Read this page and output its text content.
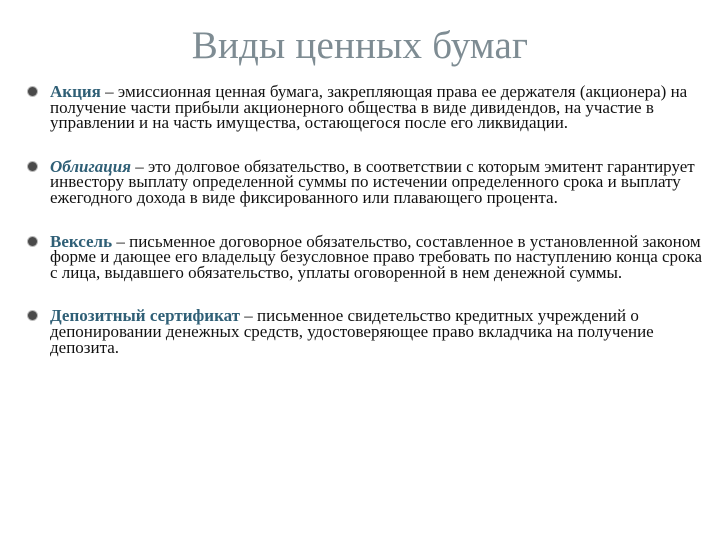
Виды ценных бумаг
Акция – эмиссионная ценная бумага, закрепляющая права ее держателя (акционера) на получение части прибыли акционерного общества в виде дивидендов, на участие в управлении и на часть имущества, остающегося после его ликвидации.
Облигация – это долговое обязательство, в соответствии с которым эмитент гарантирует инвестору выплату определенной суммы по истечении определенного срока и выплату ежегодного дохода в виде фиксированного или плавающего процента.
Вексель – письменное договорное обязательство, составленное в установленной законом форме и дающее его владельцу безусловное право требовать по наступлению конца срока с лица, выдавшего обязательство, уплаты оговоренной в нем денежной суммы.
Депозитный сертификат – письменное свидетельство кредитных учреждений о депонировании денежных средств, удостоверяющее право вкладчика на получение депозита.
